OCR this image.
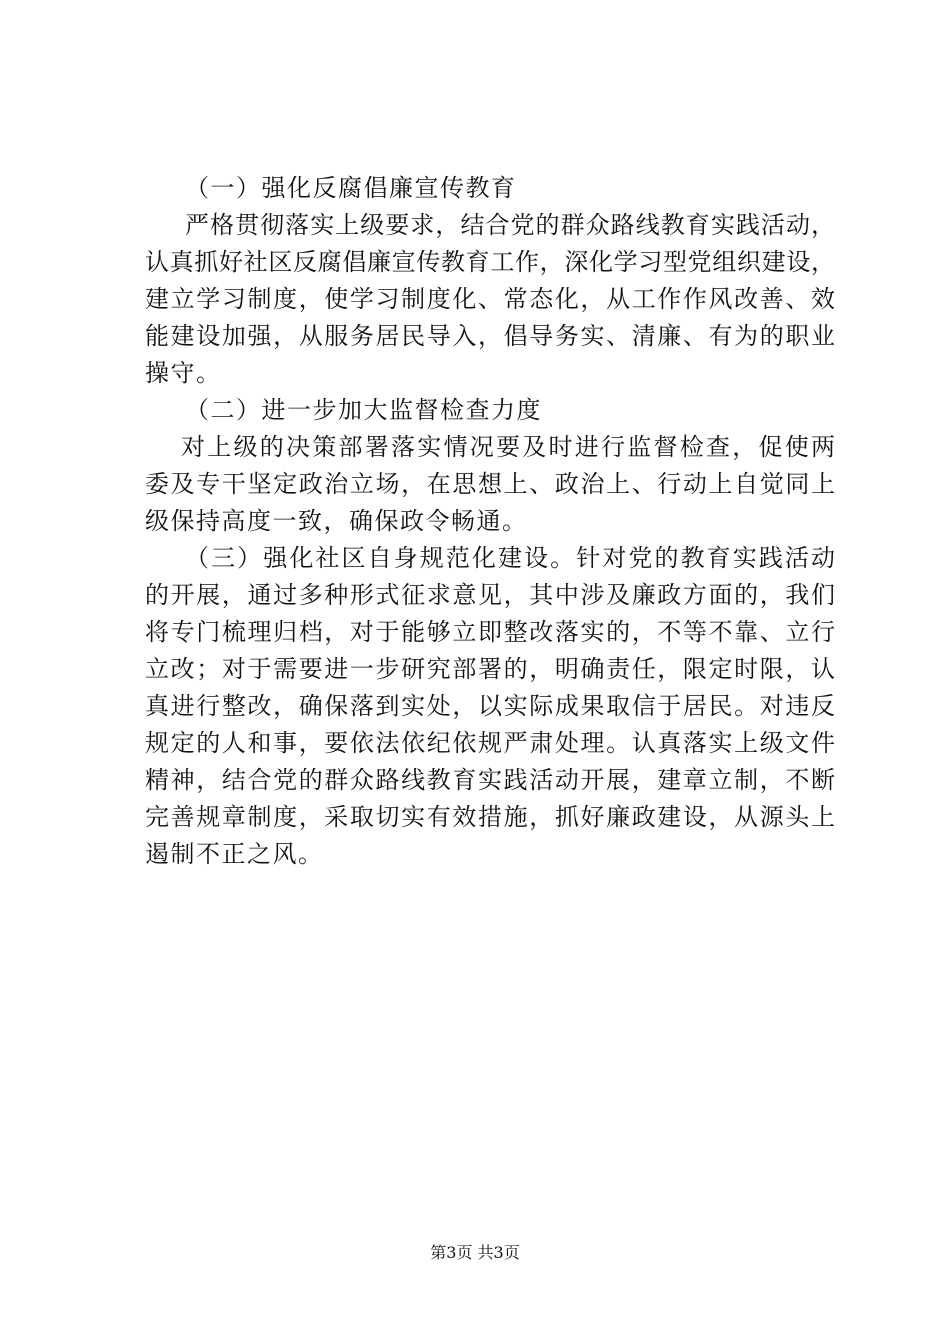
（一）强化反腐倡廉宣传教育
严格贯彻落实上级要求，结合党的群众路线教育实践活动，
认真抓好社区反腐倡廉宣传教育工作，深化学习型党组织建设，
建立学习制度，使学习制度化、常态化，从工作作风改善、效
能建设加强，从服务居民导入，倡导务实、清廉、有为的职业
操守。
（二）进一步加大监督检查力度
对上级的决策部署落实情况要及时进行监督检查，促使两
委及专干坚定政治立场，在思想上、政治上、行动上自觉同上
级保持高度一致，确保政令畅通。
（三）强化社区自身规范化建设。针对党的教育实践活动
的开展，通过多种形式征求意见，其中涉及廉政方面的，我们
将专门梳理归档，对于能够立即整改落实的，不等不靠、立行
立改；对于需要进一步研究部署的，明确责任，限定时限，认
真进行整改，确保落到实处，以实际成果取信于居民。对违反
规定的人和事，要依法依纪依规严肃处理。认真落实上级文件
精神，结合党的群众路线教育实践活动开展，建章立制，不断
完善规章制度，采取切实有效措施，抓好廉政建设，从源头上
遏制不正之风。
第3页 共3页
